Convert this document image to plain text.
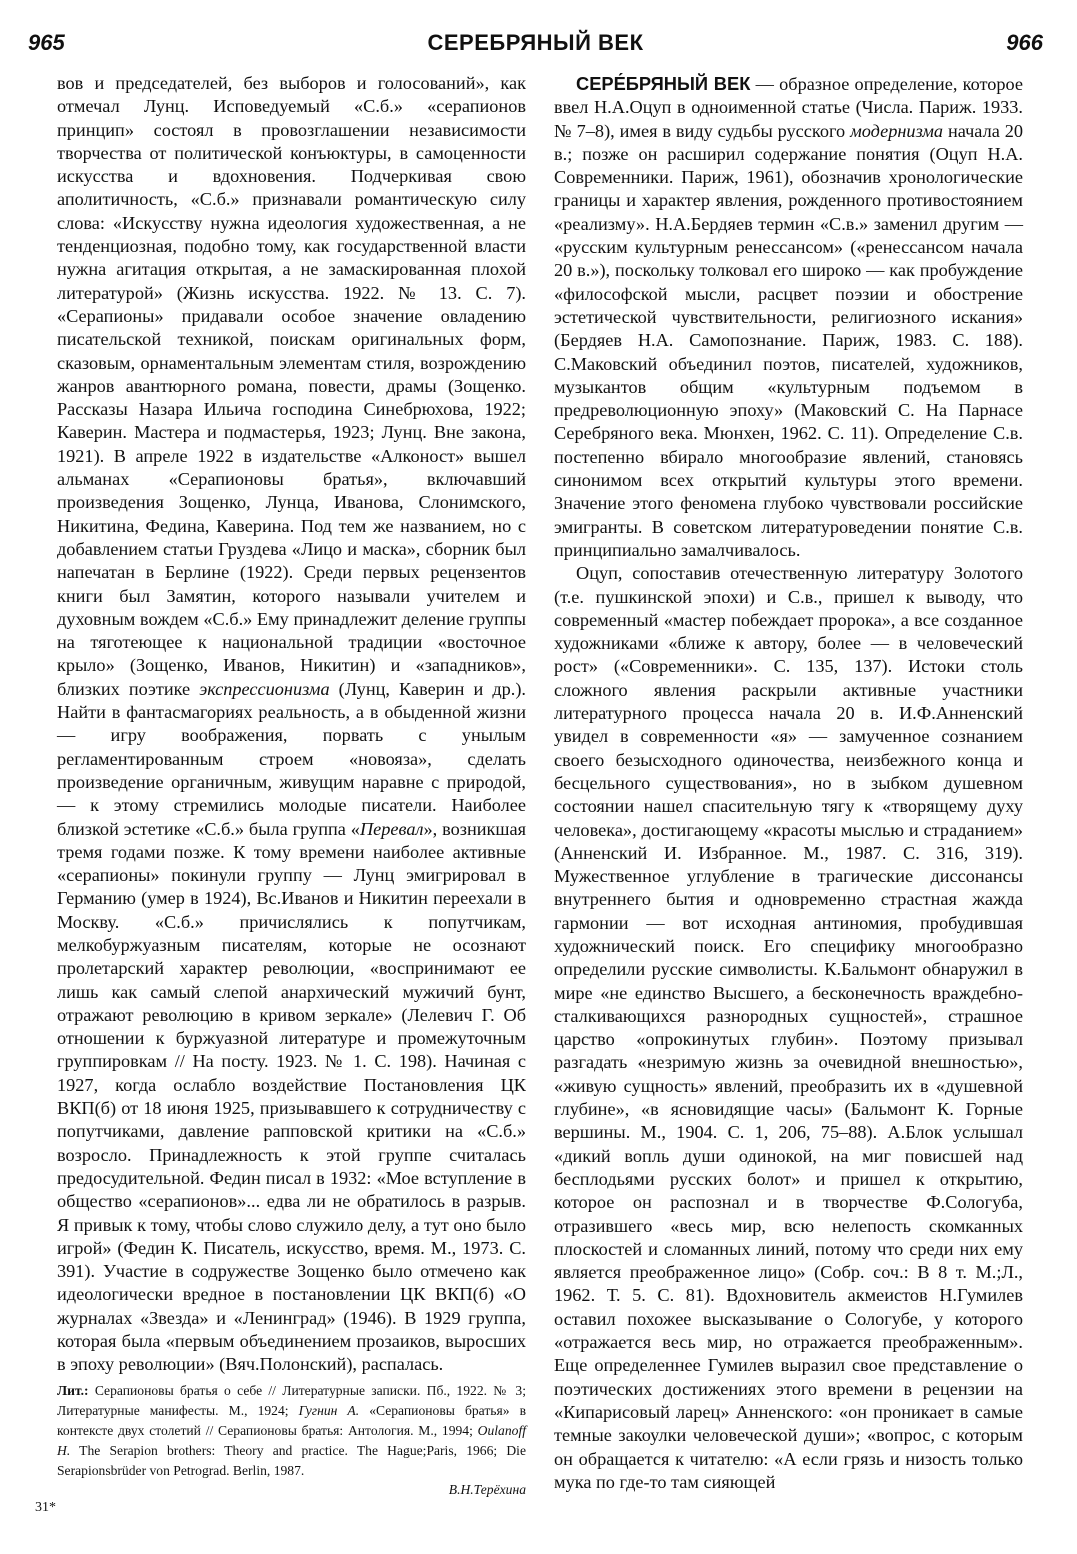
965	СЕРЕБРЯНЫЙ ВЕК	966

вов и председателей, без выборов и голосований», как отмечал Лунц. Исповедуемый «С.б.» «серапионов принцип» состоял в провозглашении независимости творчества от политической конъюктуры, в самоценности искусства и вдохновения. Подчеркивая свою аполитичность, «С.б.» признавали романтическую силу слова: «Искусству нужна идеология художественная, а не тенденциозная, подобно тому, как государственной власти нужна агитация открытая, а не замаскированная плохой литературой» (Жизнь искусства. 1922. № 13. С. 7). «Серапионы» придавали особое значение овладению писательской техникой, поискам оригинальных форм, сказовым, орнаментальным элементам стиля, возрождению жанров авантюрного романа, повести, драмы (Зощенко. Рассказы Назара Ильича господина Синебрюхова, 1922; Каверин. Мастера и подмастерья, 1923; Лунц. Вне закона, 1921). В апреле 1922 в издательстве «Алконост» вышел альманах «Серапионовы братья», включавший произведения Зощенко, Лунца, Иванова, Слонимского, Никитина, Федина, Каверина. Под тем же названием, но с добавлением статьи Груздева «Лицо и маска», сборник был напечатан в Берлине (1922). Среди первых рецензентов книги был Замятин, которого называли учителем и духовным вождем «С.б.» Ему принадлежит деление группы на тяготеющее к национальной традиции «восточное крыло» (Зощенко, Иванов, Никитин) и «западников», близких поэтике экспрессионизма (Лунц, Каверин и др.). Найти в фантасмагориях реальность, а в обыденной жизни — игру воображения, порвать с унылым регламентированным строем «новояза», сделать произведение органичным, живущим наравне с природой, — к этому стремились молодые писатели. Наиболее близкой эстетике «С.б.» была группа «Перевал», возникшая тремя годами позже. К тому времени наиболее активные «серапионы» покинули группу — Лунц эмигрировал в Германию (умер в 1924), Вс.Иванов и Никитин переехали в Москву. «С.б.» причислялись к попутчикам, мелкобуржуазным писателям, которые не осознают пролетарский характер революции, «воспринимают ее лишь как самый слепой анархический мужичий бунт, отражают революцию в кривом зеркале» (Лелевич Г. Об отношении к буржуазной литературе и промежуточным группировкам // На посту. 1923. № 1. С. 198). Начиная с 1927, когда ослабло воздействие Постановления ЦК ВКП(б) от 18 июня 1925, призывавшего к сотрудничеству с попутчиками, давление рапповской критики на «С.б.» возросло. Принадлежность к этой группе считалась предосудительной. Федин писал в 1932: «Мое вступление в общество «серапионов»... едва ли не обратилось в разрыв. Я привык к тому, чтобы слово служило делу, а тут оно было игрой» (Федин К. Писатель, искусство, время. М., 1973. С. 391). Участие в содружестве Зощенко было отмечено как идеологически вредное в постановлении ЦК ВКП(б) «О журналах «Звезда» и «Ленинград» (1946). В 1929 группа, которая была «первым объединением прозаиков, выросших в эпоху революции» (Вяч.Полонский), распалась.

Лит.: Серапионовы братья о себе // Литературные записки. Пб., 1922. № 3; Литературные манифесты. М., 1924; Гугнин А. «Серапионовы братья» в контексте двух столетий // Серапионовы братья: Антология. М., 1994; Oulanoff H. The Serapion brothers: Theory and practice. The Hague;Paris, 1966; Die Serapionsbrüder von Petrograd. Berlin, 1987.

В.Н.Терёхина

СЕРЕ́БРЯНЫЙ ВЕК — образное определение, которое ввел Н.А.Оцуп в одноименной статье (Числа. Париж. 1933. № 7–8), имея в виду судьбы русского модернизма начала 20 в.; позже он расширил содержание понятия (Оцуп Н.А. Современники. Париж, 1961), обозначив хронологические границы и характер явления, рожденного противостоянием «реализму». Н.А.Бердяев термин «С.в.» заменил другим — «русским культурным ренессансом» («ренессансом начала 20 в.»), поскольку толковал его широко — как пробуждение «философской мысли, расцвет поэзии и обострение эстетической чувствительности, религиозного искания» (Бердяев Н.А. Самопознание. Париж, 1983. С. 188). С.Маковский объединил поэтов, писателей, художников, музыкантов общим «культурным подъемом в предреволюционную эпоху» (Маковский С. На Парнасе Серебряного века. Мюнхен, 1962. С. 11). Определение С.в. постепенно вбирало многообразие явлений, становясь синонимом всех открытий культуры этого времени. Значение этого феномена глубоко чувствовали российские эмигранты. В советском литературоведении понятие С.в. принципиально замалчивалось.

Оцуп, сопоставив отечественную литературу Золотого (т.е. пушкинской эпохи) и С.в., пришел к выводу, что современный «мастер побеждает пророка», а все созданное художниками «ближе к автору, более — в человеческий рост» («Современники». С. 135, 137). Истоки столь сложного явления раскрыли активные участники литературного процесса начала 20 в. И.Ф.Анненский увидел в современности «я» — замученное сознанием своего безысходного одиночества, неизбежного конца и бесцельного существования», но в зыбком душевном состоянии нашел спасительную тягу к «творящему духу человека», достигающему «красоты мыслью и страданием» (Анненский И. Избранное. М., 1987. С. 316, 319). Мужественное углубление в трагические диссонансы внутреннего бытия и одновременно страстная жажда гармонии — вот исходная антиномия, пробудившая художнический поиск. Его специфику многообразно определили русские символисты. К.Бальмонт обнаружил в мире «не единство Высшего, а бесконечность враждебно-сталкивающихся разнородных сущностей», страшное царство «опрокинутых глубин». Поэтому призывал разгадать «незримую жизнь за очевидной внешностью», «живую сущность» явлений, преобразить их в «душевной глубине», «в ясновидящие часы» (Бальмонт К. Горные вершины. М., 1904. С. 1, 206, 75–88). А.Блок услышал «дикий вопль души одинокой, на миг повисшей над бесплодьями русских болот» и пришел к открытию, которое он распознал и в творчестве Ф.Сологуба, отразившего «весь мир, всю нелепость скомканных плоскостей и сломанных линий, потому что среди них ему является преображенное лицо» (Собр. соч.: В 8 т. М.;Л., 1962. Т. 5. С. 81). Вдохновитель акмеистов Н.Гумилев оставил похожее высказывание о Сологубе, у которого «отражается весь мир, но отражается преображенным». Еще определеннее Гумилев выразил свое представление о поэтических достижениях этого времени в рецензии на «Кипарисовый ларец» Анненского: «он проникает в самые темные закоулки человеческой души»; «вопрос, с которым он обращается к читателю: «А если грязь и низость только мука по где-то там сияющей

31*
